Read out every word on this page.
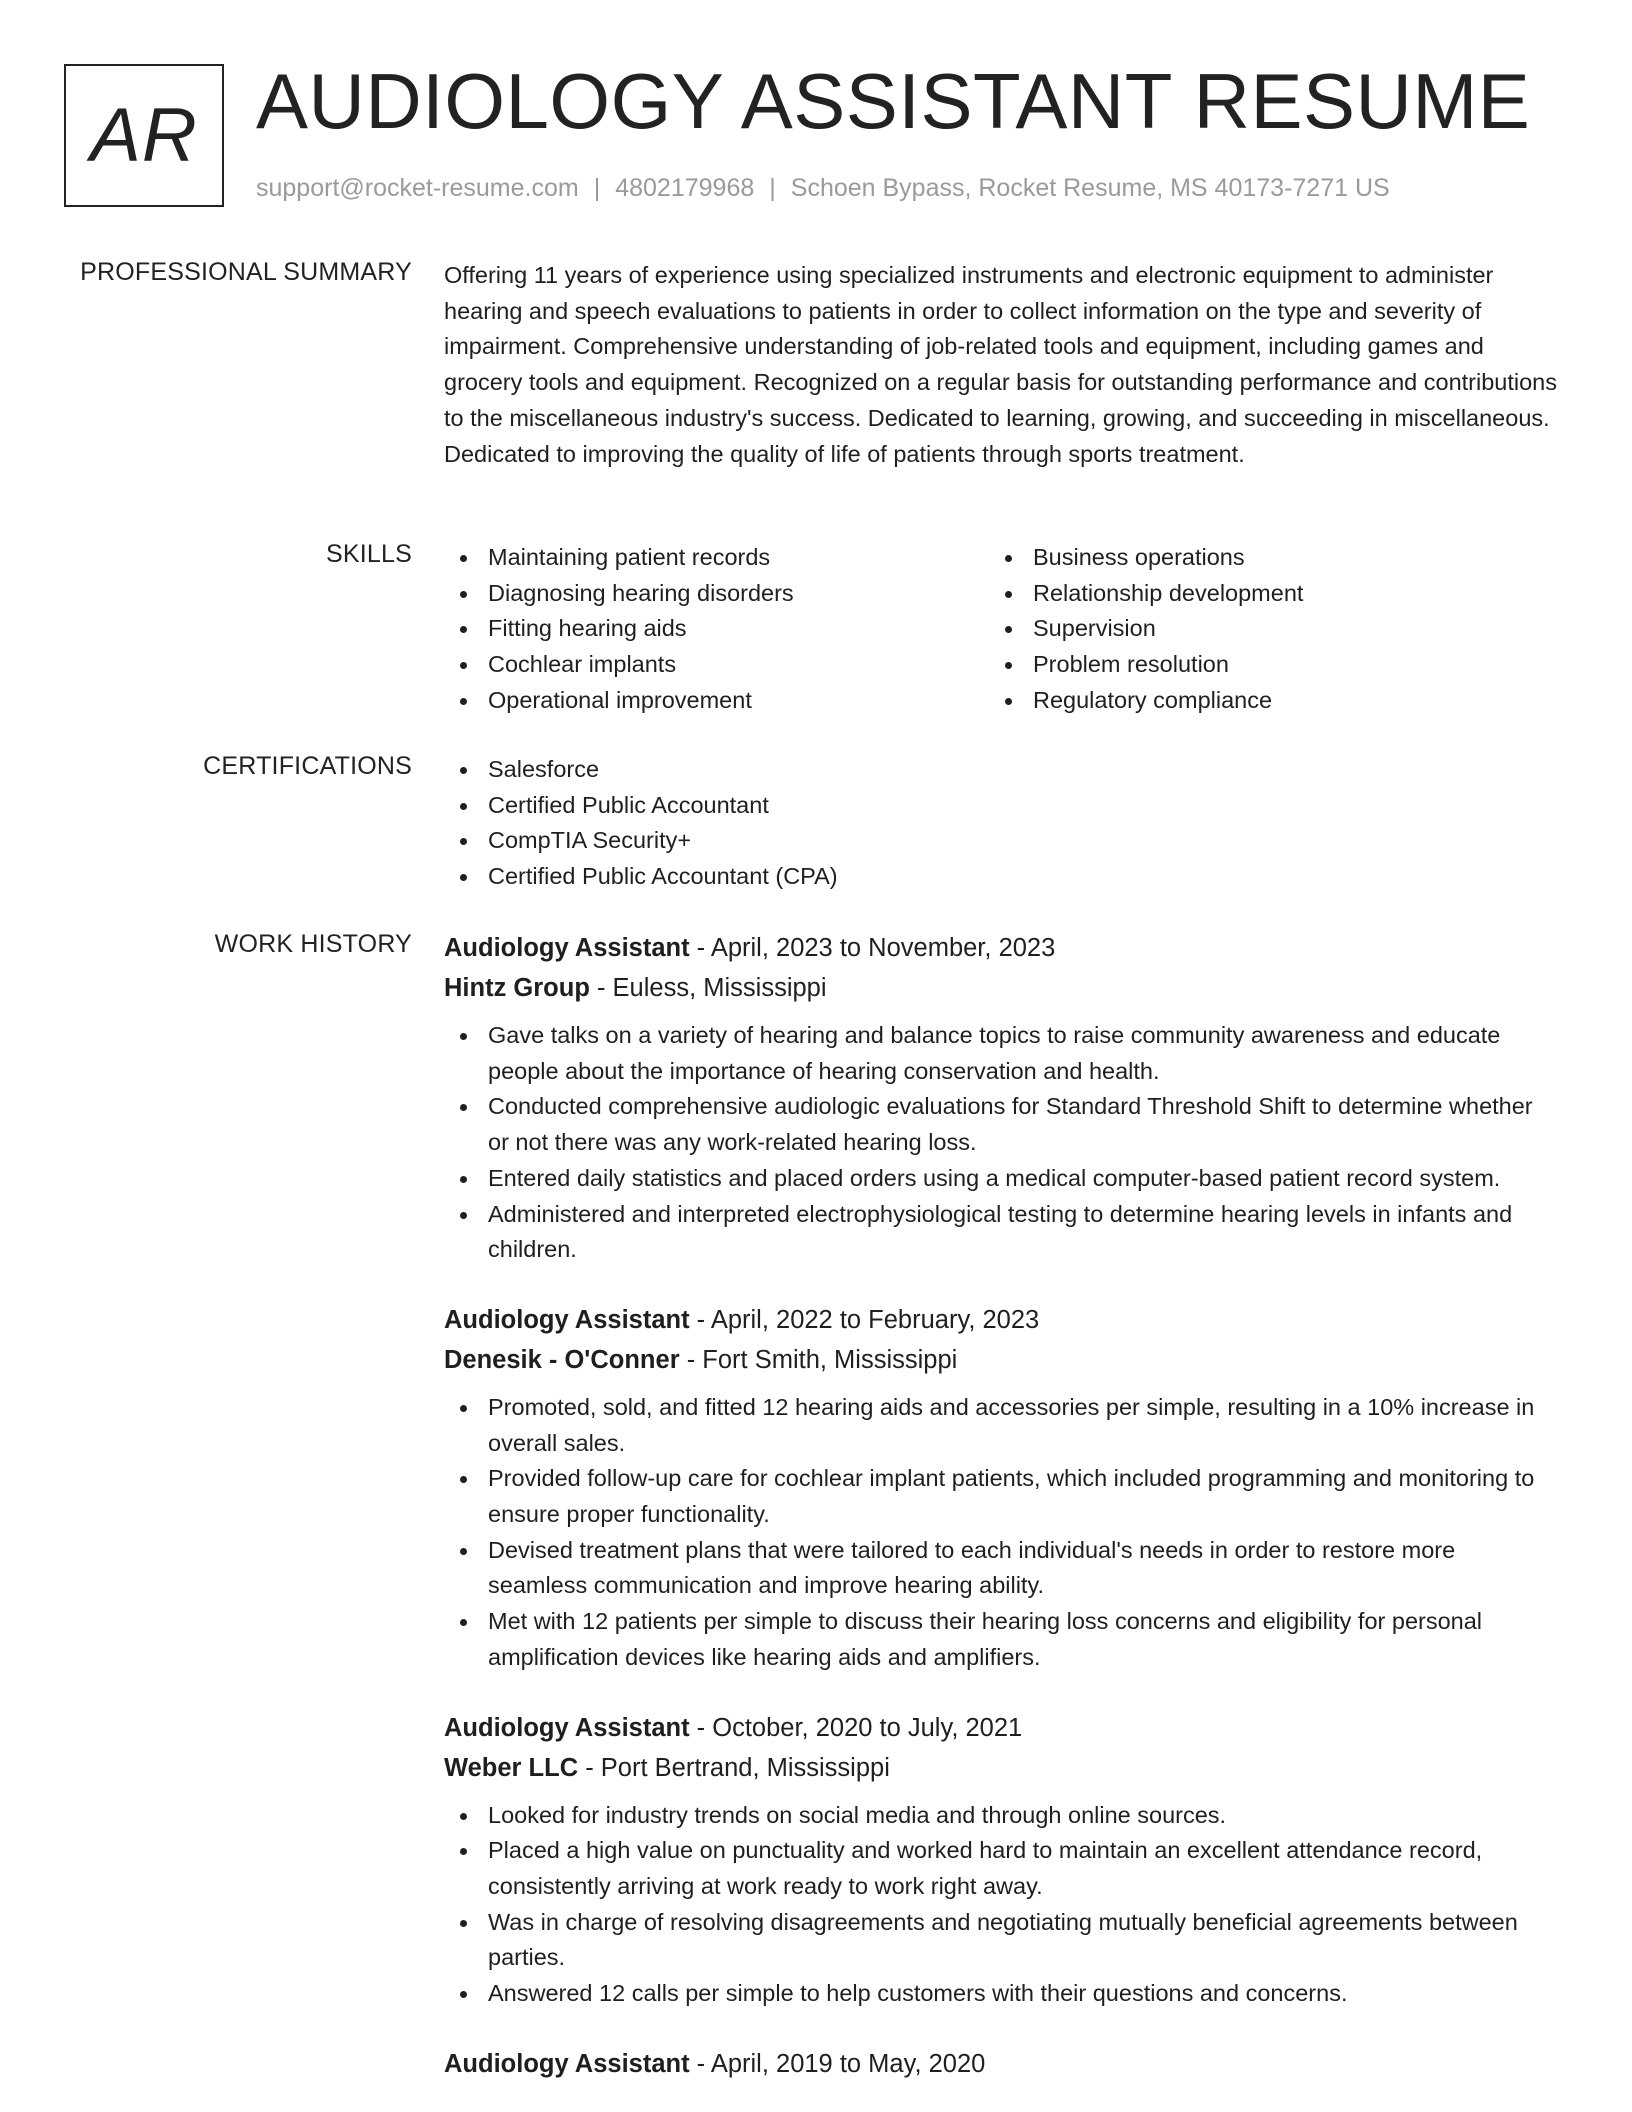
AR AUDIOLOGY ASSISTANT RESUME
support@rocket-resume.com | 4802179968 | Schoen Bypass, Rocket Resume, MS 40173-7271 US
PROFESSIONAL SUMMARY Offering 11 years of experience using specialized instruments and electronic equipment to administer hearing and speech evaluations to patients in order to collect information on the type and severity of impairment. Comprehensive understanding of job-related tools and equipment, including games and grocery tools and equipment. Recognized on a regular basis for outstanding performance and contributions to the miscellaneous industry's success. Dedicated to learning, growing, and succeeding in miscellaneous. Dedicated to improving the quality of life of patients through sports treatment.
SKILLS	Maintaining patient records
Diagnosing hearing disorders
Fitting hearing aids
Cochlear implants
Operational improvement
Business operations
Relationship development
Supervision
Problem resolution
Regulatory compliance
CERTIFICATIONS	Salesforce
Certified Public Accountant
CompTIA Security+
Certified Public Accountant (CPA)
WORK HISTORY Audiology Assistant - April, 2023 to November, 2023
Hintz Group - Euless, Mississippi
Gave talks on a variety of hearing and balance topics to raise community awareness and educate people about the importance of hearing conservation and health.
Conducted comprehensive audiologic evaluations for Standard Threshold Shift to determine whether or not there was any work-related hearing loss.
Entered daily statistics and placed orders using a medical computer-based patient record system.
Administered and interpreted electrophysiological testing to determine hearing levels in infants and children.
Audiology Assistant - April, 2022 to February, 2023
Denesik - O'Conner - Fort Smith, Mississippi
Promoted, sold, and fitted 12 hearing aids and accessories per simple, resulting in a 10% increase in overall sales.
Provided follow-up care for cochlear implant patients, which included programming and monitoring to ensure proper functionality.
Devised treatment plans that were tailored to each individual's needs in order to restore more seamless communication and improve hearing ability.
Met with 12 patients per simple to discuss their hearing loss concerns and eligibility for personal amplification devices like hearing aids and amplifiers.
Audiology Assistant - October, 2020 to July, 2021
Weber LLC - Port Bertrand, Mississippi
Looked for industry trends on social media and through online sources.
Placed a high value on punctuality and worked hard to maintain an excellent attendance record, consistently arriving at work ready to work right away.
Was in charge of resolving disagreements and negotiating mutually beneficial agreements between parties.
Answered 12 calls per simple to help customers with their questions and concerns.
Audiology Assistant - April, 2019 to May, 2020
